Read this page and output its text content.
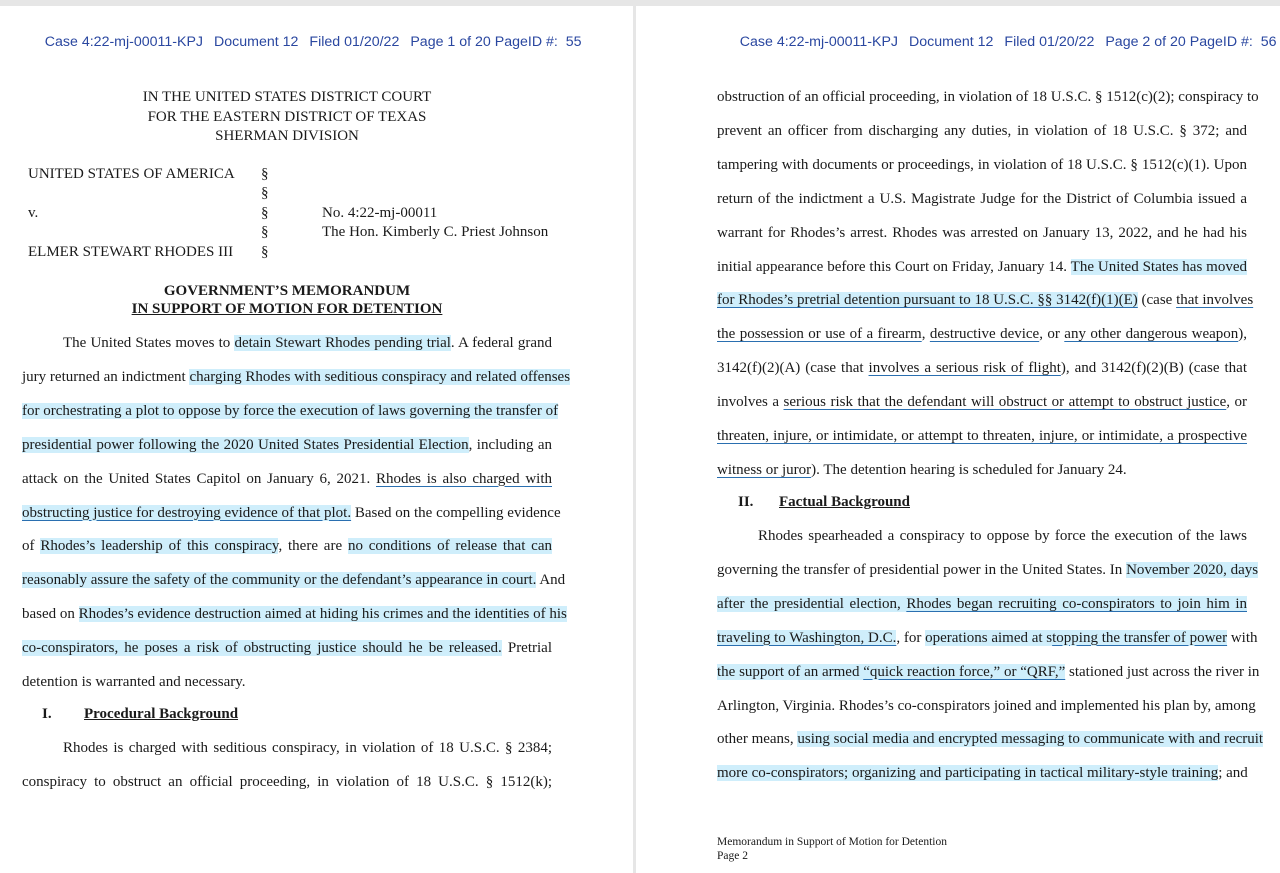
Case 4:22-mj-00011-KPJ Document 12 Filed 01/20/22 Page 1 of 20 PageID #:  55

IN THE UNITED STATES DISTRICT COURT
FOR THE EASTERN DISTRICT OF TEXAS
SHERMAN DIVISION
UNITED STATES OF AMERICA
v.
ELMER STEWART RHODES III
§
§
§
§
§
No. 4:22-mj-00011
The Hon. Kimberly C. Priest Johnson
GOVERNMENT’S MEMORANDUM
IN SUPPORT OF MOTION FOR DETENTION
The United States moves to detain Stewart Rhodes pending trial. A federal grand
jury returned an indictment charging Rhodes with seditious conspiracy and related offenses
for orchestrating a plot to oppose by force the execution of laws governing the transfer of
presidential power following the 2020 United States Presidential Election, including an
attack on the United States Capitol on January 6, 2021. Rhodes is also charged with
obstructing justice for destroying evidence of that plot. Based on the compelling evidence
of Rhodes’s leadership of this conspiracy, there are no conditions of release that can
reasonably assure the safety of the community or the defendant’s appearance in court. And
based on Rhodes’s evidence destruction aimed at hiding his crimes and the identities of his
co-conspirators, he poses a risk of obstructing justice should he be released. Pretrial
detention is warranted and necessary.
I. Procedural Background
Rhodes is charged with seditious conspiracy, in violation of 18 U.S.C. § 2384;
conspiracy to obstruct an official proceeding, in violation of 18 U.S.C. § 1512(k);

Case 4:22-mj-00011-KPJ Document 12 Filed 01/20/22 Page 2 of 20 PageID #:  56

obstruction of an official proceeding, in violation of 18 U.S.C. § 1512(c)(2); conspiracy to
prevent an officer from discharging any duties, in violation of 18 U.S.C. § 372; and
tampering with documents or proceedings, in violation of 18 U.S.C. § 1512(c)(1). Upon
return of the indictment a U.S. Magistrate Judge for the District of Columbia issued a
warrant for Rhodes’s arrest. Rhodes was arrested on January 13, 2022, and he had his
initial appearance before this Court on Friday, January 14. The United States has moved
for Rhodes’s pretrial detention pursuant to 18 U.S.C. §§ 3142(f)(1)(E) (case that involves
the possession or use of a firearm, destructive device, or any other dangerous weapon),
3142(f)(2)(A) (case that involves a serious risk of flight), and 3142(f)(2)(B) (case that
involves a serious risk that the defendant will obstruct or attempt to obstruct justice, or
threaten, injure, or intimidate, or attempt to threaten, injure, or intimidate, a prospective
witness or juror). The detention hearing is scheduled for January 24.
II. Factual Background
Rhodes spearheaded a conspiracy to oppose by force the execution of the laws
governing the transfer of presidential power in the United States. In November 2020, days
after the presidential election, Rhodes began recruiting co-conspirators to join him in
traveling to Washington, D.C., for operations aimed at stopping the transfer of power with
the support of an armed “quick reaction force,” or “QRF,” stationed just across the river in
Arlington, Virginia. Rhodes’s co-conspirators joined and implemented his plan by, among
other means, using social media and encrypted messaging to communicate with and recruit
more co-conspirators; organizing and participating in tactical military-style training; and
Memorandum in Support of Motion for Detention
Page 2
